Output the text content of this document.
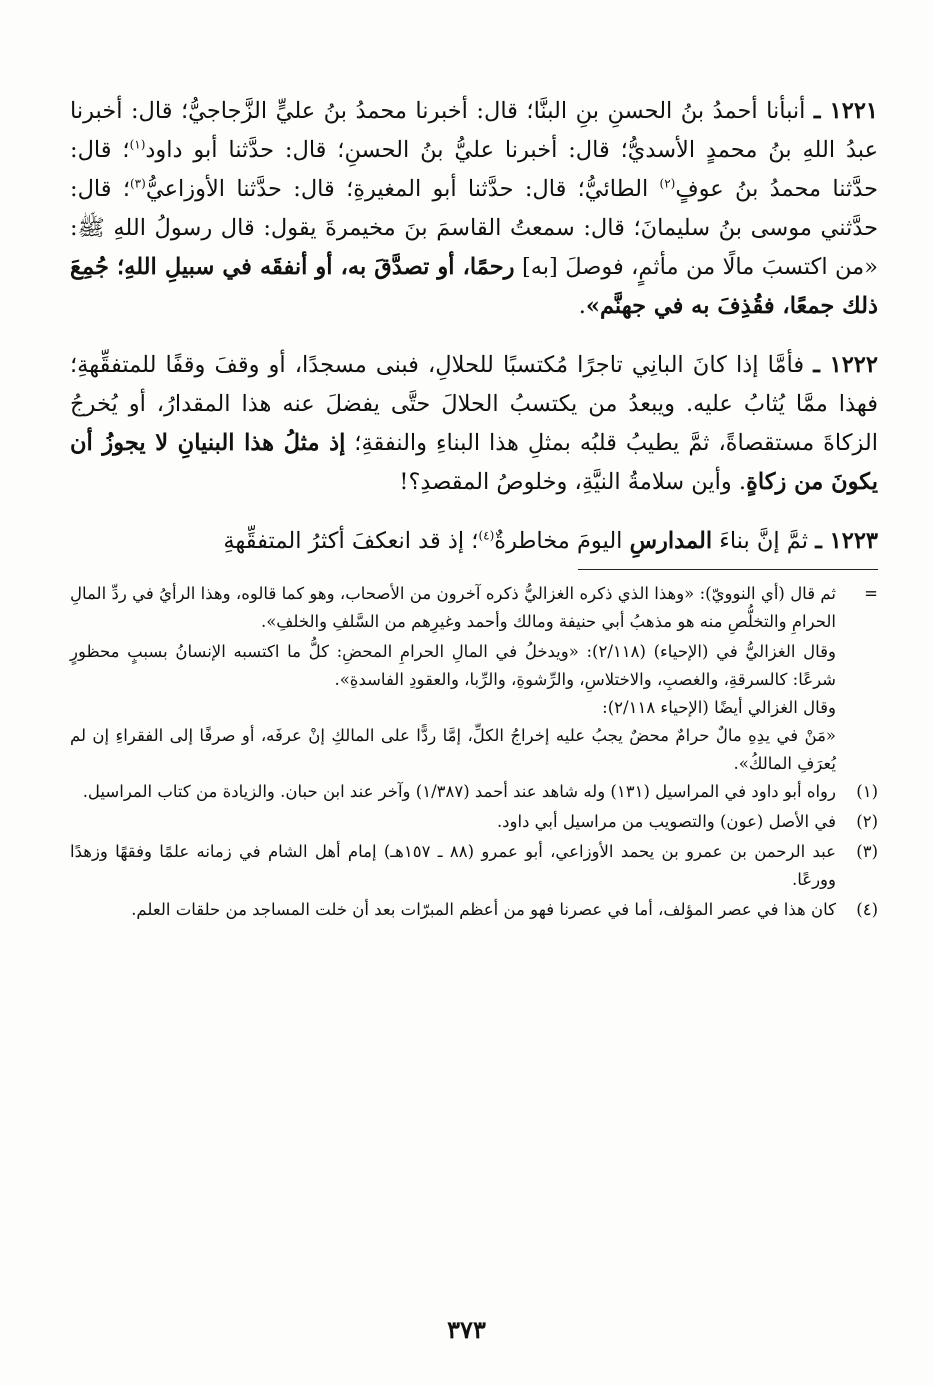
١٢٢١ ـ أنبأنا أحمدُ بنُ الحسنِ بنِ البنَّا؛ قال: أخبرنا محمدُ بنُ عليٍّ الزَّجاجيُّ؛ قال: أخبرنا عبدُ اللهِ بنُ محمدٍ الأسديُّ؛ قال: أخبرنا عليُّ بنُ الحسنِ؛ قال: حدَّثنا أبو داود$^{(١)}$؛ قال: حدَّثنا محمدُ بنُ عوفٍ$^{(٢)}$ الطائيُّ؛ قال: حدَّثنا أبو المغيرةِ؛ قال: حدَّثنا الأوزاعيُّ$^{(٣)}$؛ قال: حدَّثني موسى بنُ سليمانَ؛ قال: سمعتُ القاسمَ بنَ مخيمرةَ يقول: قال رسولُ اللهِ ﷺ: «من اكتسبَ مالًا من مأثمٍ، فوصلَ [به] رحمًا، أو تصدَّقَ به، أو أنفقَه في سبيلِ اللهِ؛ جُمِعَ ذلك جمعًا، فقُذِفَ به في جهنَّم».

١٢٢٢ ـ فأمَّا إذا كانَ البانِي تاجرًا مُكتسبًا للحلالِ، فبنى مسجدًا، أو وقفَ وقفًا للمتفقِّهةِ؛ فهذا ممَّا يُثابُ عليه. ويبعدُ من يكتسبُ الحلالَ حتَّى يفضلَ عنه هذا المقدارُ، أو يُخرجُ الزكاةَ مستقصاةً، ثمَّ يطيبُ قلبُه بمثلِ هذا البناءِ والنفقةِ؛ إذ مثلُ هذا البنيانِ لا يجوزُ أن يكونَ من زكاةٍ. وأين سلامةُ النيَّةِ، وخلوصُ المقصدِ؟!

١٢٢٣ ـ ثمَّ إنَّ بناءَ المدارسِ اليومَ مخاطرةٌ$^{(٤)}$؛ إذ قد انعكفَ أكثرُ المتفقِّهةِ

=
ثم قال (أي النوويّ): «وهذا الذي ذكره الغزاليُّ ذكره آخرون من الأصحاب، وهو كما قالوه، وهذا الرأيُ في ردِّ المالِ الحرامِ والتخلُّصِ منه هو مذهبُ أبي حنيفة ومالك وأحمد وغيرِهم من السَّلفِ والخلفِ».

وقال الغزاليُّ في (الإحياء) (٢/١١٨): «ويدخلُ في المالِ الحرامِ المحضِ: كلُّ ما اكتسبه الإنسانُ بسببٍ محظورٍ شرعًا: كالسرقةِ، والغصبِ، والاختلاسِ، والرِّشوةِ، والرِّبا، والعقودِ الفاسدةِ».

وقال الغزالي أيضًا (الإحياء ٢/١١٨):

«مَنْ في يدِهِ مالٌ حرامٌ محضٌ يجبُ عليه إخراجُ الكلِّ، إمَّا ردًّا على المالكِ إنْ عرفَه، أو صرفًا إلى الفقراءِ إن لم يُعرَفِ المالكُ».

(١)
رواه أبو داود في المراسيل (١٣١) وله شاهد عند أحمد (١/٣٨٧) وآخر عند ابن حبان. والزيادة من كتاب المراسيل.

(٢)
في الأصل (عون) والتصويب من مراسيل أبي داود.

(٣)
عبد الرحمن بن عمرو بن يحمد الأوزاعي، أبو عمرو (٨٨ ـ ١٥٧هـ) إمام أهل الشام في زمانه علمًا وفقهًا وزهدًا وورعًا.

(٤)
كان هذا في عصر المؤلف، أما في عصرنا فهو من أعظم المبرّات بعد أن خلت المساجد من حلقات العلم.

٣٧٣
